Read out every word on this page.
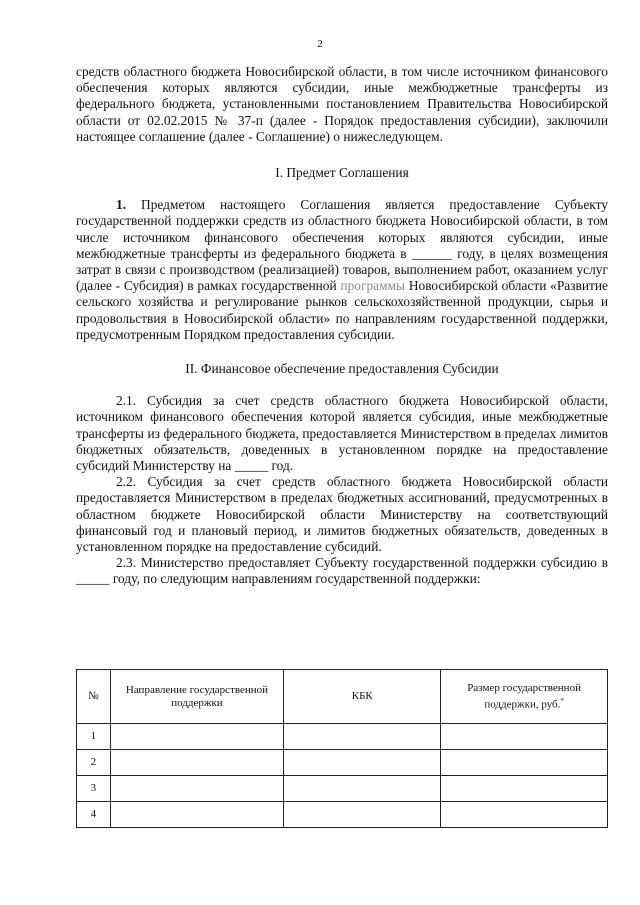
2

средств областного бюджета Новосибирской области, в том числе источником финансового обеспечения которых являются субсидии, иные межбюджетные трансферты из федерального бюджета, установленными постановлением Правительства Новосибирской области от 02.02.2015 № 37-п (далее - Порядок предоставления субсидии), заключили настоящее соглашение (далее - Соглашение) о нижеследующем.

I. Предмет Соглашения

1. Предметом настоящего Соглашения является предоставление Субъекту государственной поддержки средств из областного бюджета Новосибирской области, в том числе источником финансового обеспечения которых являются субсидии, иные межбюджетные трансферты из федерального бюджета в ______ году, в целях возмещения затрат в связи с производством (реализацией) товаров, выполнением работ, оказанием услуг (далее - Субсидия) в рамках государственной программы Новосибирской области «Развитие сельского хозяйства и регулирование рынков сельскохозяйственной продукции, сырья и продовольствия в Новосибирской области» по направлениям государственной поддержки, предусмотренным Порядком предоставления субсидии.

II. Финансовое обеспечение предоставления Субсидии

2.1. Субсидия за счет средств областного бюджета Новосибирской области, источником финансового обеспечения которой является субсидия, иные межбюджетные трансферты из федерального бюджета, предоставляется Министерством в пределах лимитов бюджетных обязательств, доведенных в установленном порядке на предоставление субсидий Министерству на _____ год.

2.2. Субсидия за счет средств областного бюджета Новосибирской области предоставляется Министерством в пределах бюджетных ассигнований, предусмотренных в областном бюджете Новосибирской области Министерству на соответствующий финансовый год и плановый период, и лимитов бюджетных обязательств, доведенных в установленном порядке на предоставление субсидий.

2.3. Министерство предоставляет Субъекту государственной поддержки субсидию в _____ году, по следующим направлениям государственной поддержки:

№	Направление государственной поддержки	КБК	Размер государственной поддержки, руб.*
1			
2			
3			
4			
